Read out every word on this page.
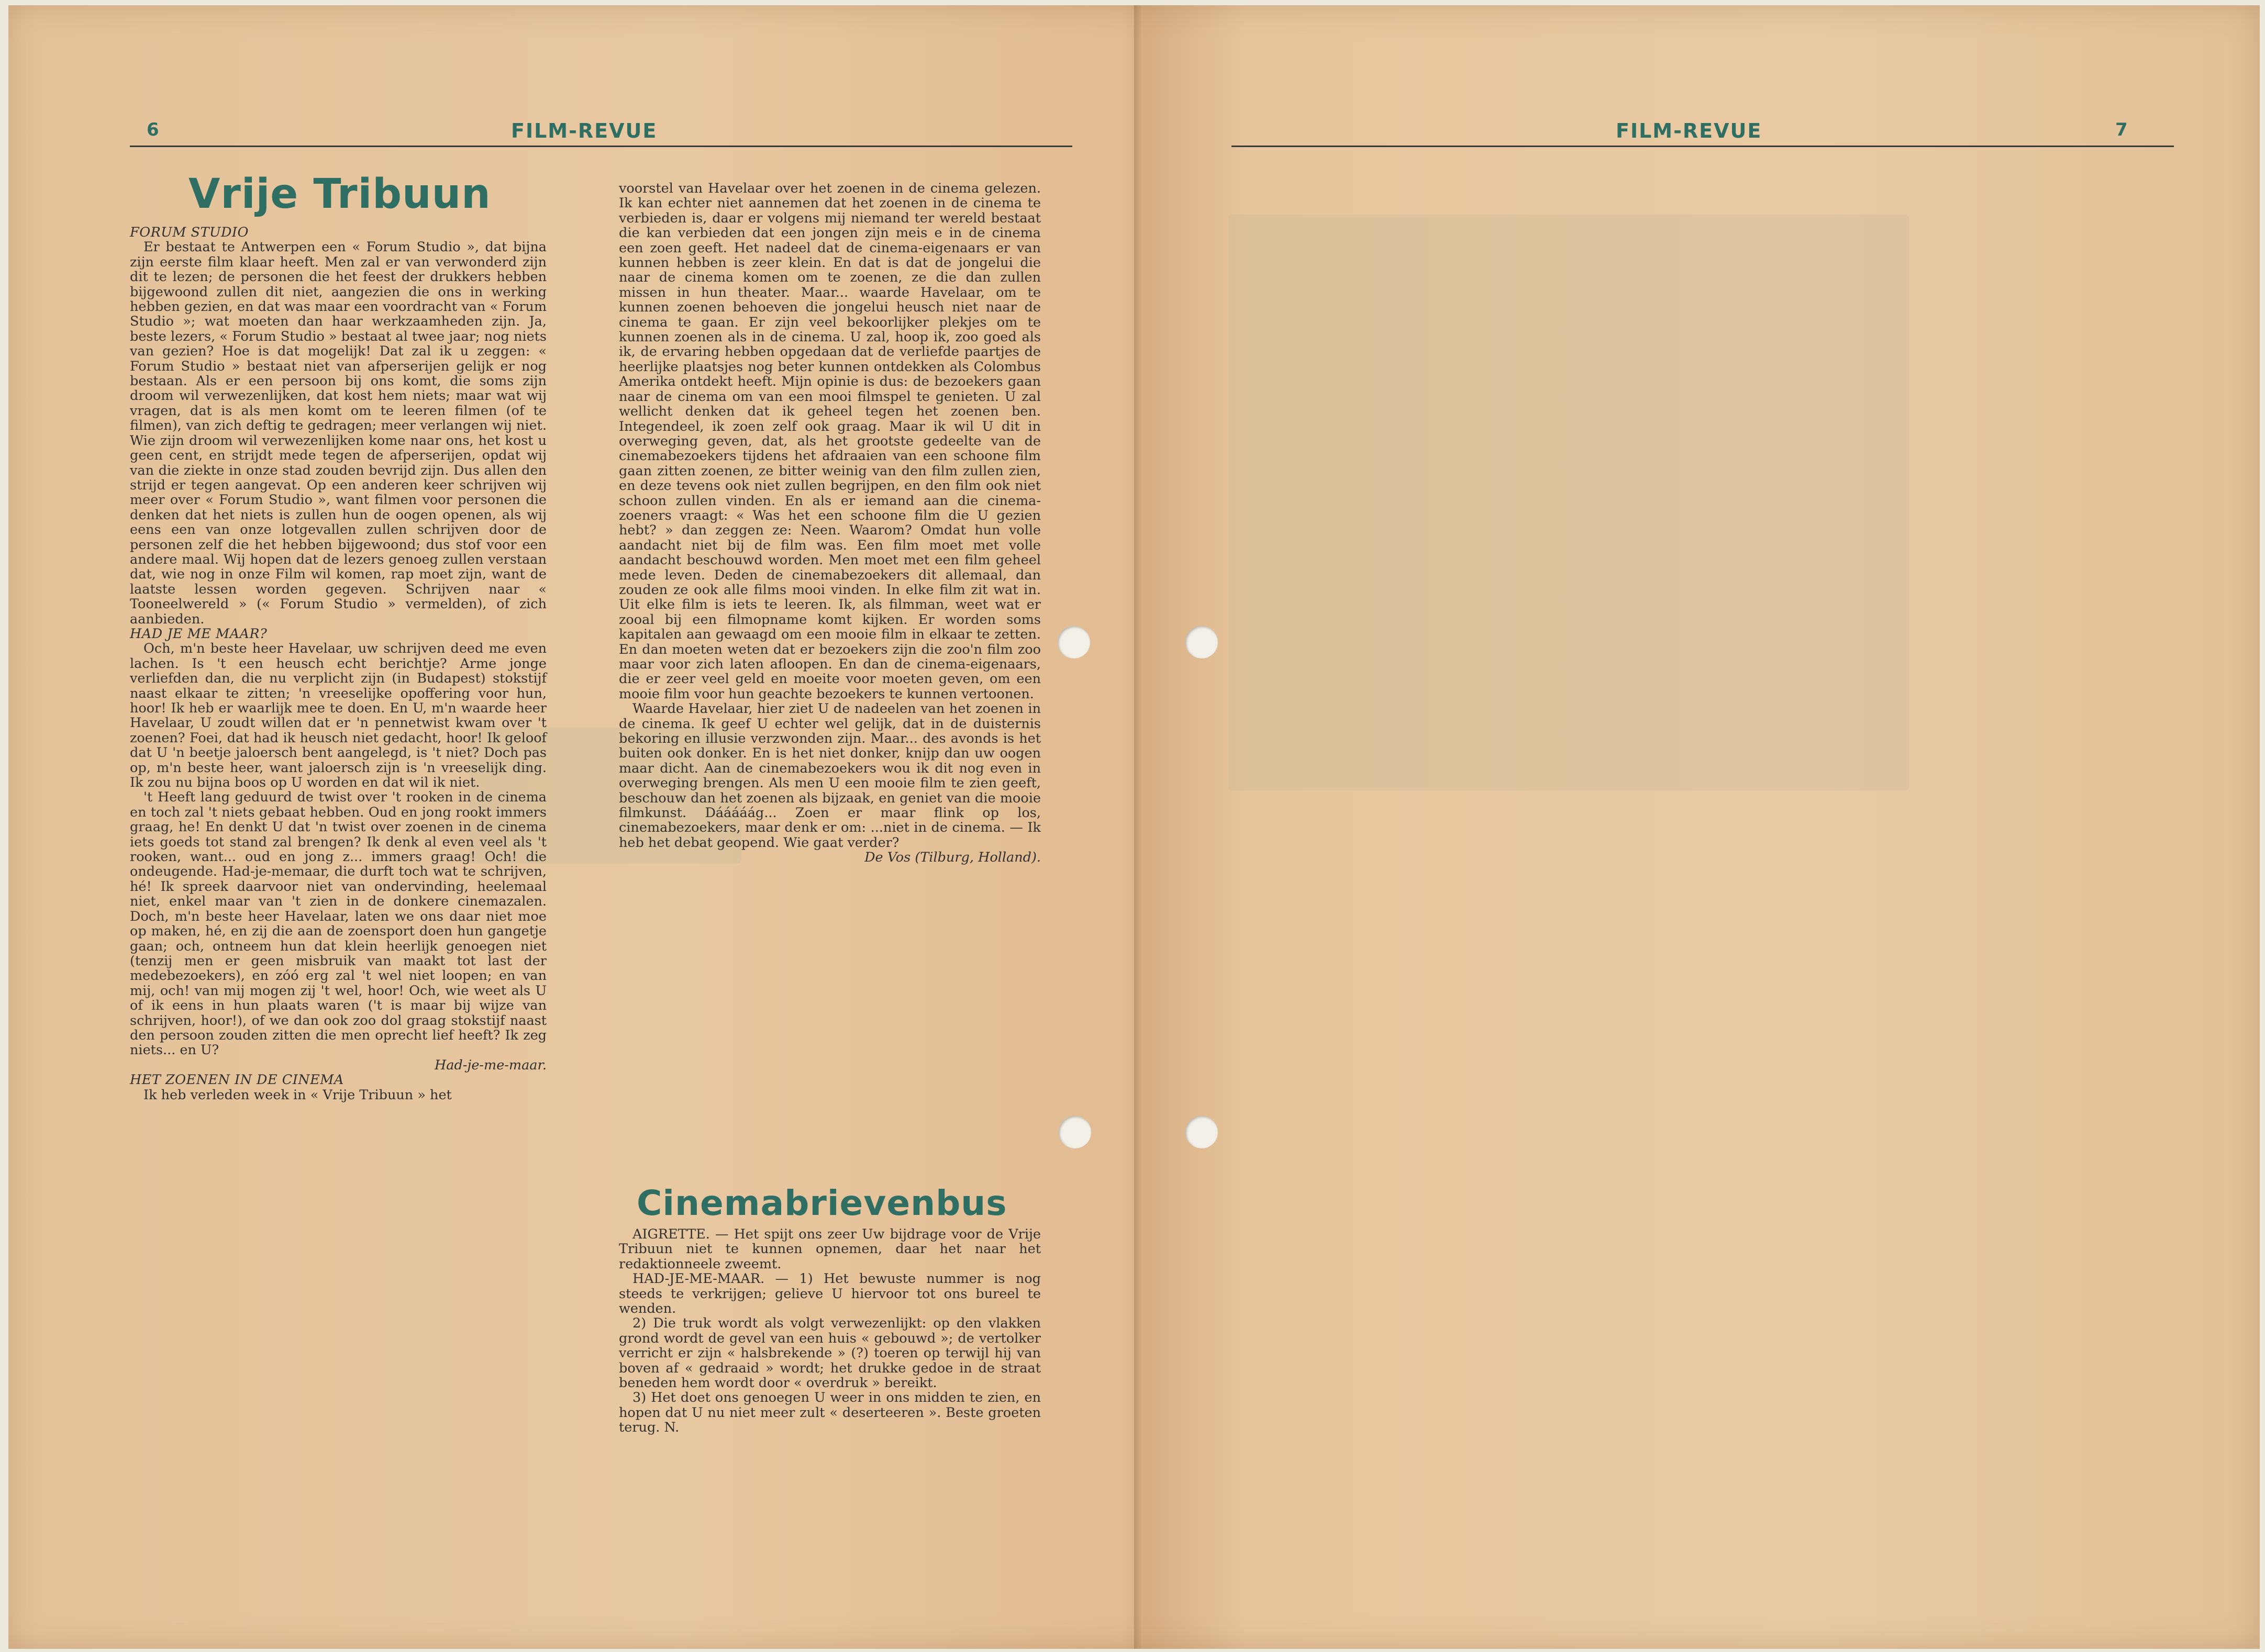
6	FILM-REVUE	FILM-REVUE	7
Vrije Tribuun

FORUM STUDIO

Er bestaat te Antwerpen een « Forum Studio », dat bijna zijn eerste film klaar heeft. Men zal er van verwonderd zijn dit te lezen; de personen die het feest der drukkers hebben bijgewoond zullen dit niet, aangezien die ons in werking hebben gezien, en dat was maar een voordracht van « Forum Studio »; wat moeten dan haar werkzaamheden zijn. Ja, beste lezers, « Forum Studio » bestaat al twee jaar; nog niets van gezien? Hoe is dat mogelijk! Dat zal ik u zeggen: « Forum Studio » bestaat niet van afperserijen gelijk er nog bestaan. Als er een persoon bij ons komt, die soms zijn droom wil verwezenlijken, dat kost hem niets; maar wat wij vragen, dat is als men komt om te leeren filmen (of te filmen), van zich deftig te gedragen; meer verlangen wij niet. Wie zijn droom wil verwezenlijken kome naar ons, het kost u geen cent, en strijdt mede tegen de afperserijen, opdat wij van die ziekte in onze stad zouden bevrijd zijn. Dus allen den strijd er tegen aangevat. Op een anderen keer schrijven wij meer over « Forum Studio », want filmen voor personen die denken dat het niets is zullen hun de oogen openen, als wij eens een van onze lotgevallen zullen schrijven door de personen zelf die het hebben bijgewoond; dus stof voor een andere maal. Wij hopen dat de lezers genoeg zullen verstaan dat, wie nog in onze Film wil komen, rap moet zijn, want de laatste lessen worden gegeven. Schrijven naar « Tooneelwereld » (« Forum Studio » vermelden), of zich aanbieden.

HAD JE ME MAAR?

Och, m'n beste heer Havelaar, uw schrijven deed me even lachen. Is 't een heusch echt berichtje? Arme jonge verliefden dan, die nu verplicht zijn (in Budapest) stokstijf naast elkaar te zitten; 'n vreeselijke opoffering voor hun, hoor! Ik heb er waarlijk mee te doen. En U, m'n waarde heer Havelaar, U zoudt willen dat er 'n pennetwist kwam over 't zoenen? Foei, dat had ik heusch niet gedacht, hoor! Ik geloof dat U 'n beetje jaloersch bent aangelegd, is 't niet? Doch pas op, m'n beste heer, want jaloersch zijn is 'n vreeselijk ding. Ik zou nu bijna boos op U worden en dat wil ik niet.

't Heeft lang geduurd de twist over 't rooken in de cinema en toch zal 't niets gebaat hebben. Oud en jong rookt immers graag, he! En denkt U dat 'n twist over zoenen in de cinema iets goeds tot stand zal brengen? Ik denk al even veel als 't rooken, want... oud en jong z... immers graag! Och! die ondeugende. Had-je-memaar, die durft toch wat te schrijven, hé! Ik spreek daarvoor niet van ondervinding, heelemaal niet, enkel maar van 't zien in de donkere cinemazalen. Doch, m'n beste heer Havelaar, laten we ons daar niet moe op maken, hé, en zij die aan de zoensport doen hun gangetje gaan; och, ontneem hun dat klein heerlijk genoegen niet (tenzij men er geen misbruik van maakt tot last der medebezoekers), en zóó erg zal 't wel niet loopen; en van mij, och! van mij mogen zij 't wel, hoor! Och, wie weet als U of ik eens in hun plaats waren ('t is maar bij wijze van schrijven, hoor!), of we dan ook zoo dol graag stokstijf naast den persoon zouden zitten die men oprecht lief heeft? Ik zeg niets... en U?

Had-je-me-maar.

HET ZOENEN IN DE CINEMA

Ik heb verleden week in « Vrije Tribuun » het

voorstel van Havelaar over het zoenen in de cinema gelezen. Ik kan echter niet aannemen dat het zoenen in de cinema te verbieden is, daar er volgens mij niemand ter wereld bestaat die kan verbieden dat een jongen zijn meis e in de cinema een zoen geeft. Het nadeel dat de cinema-eigenaars er van kunnen hebben is zeer klein. En dat is dat de jongelui die naar de cinema komen om te zoenen, ze die dan zullen missen in hun theater. Maar... waarde Havelaar, om te kunnen zoenen behoeven die jongelui heusch niet naar de cinema te gaan. Er zijn veel bekoorlijker plekjes om te kunnen zoenen als in de cinema. U zal, hoop ik, zoo goed als ik, de ervaring hebben opgedaan dat de verliefde paartjes de heerlijke plaatsjes nog beter kunnen ontdekken als Colombus Amerika ontdekt heeft. Mijn opinie is dus: de bezoekers gaan naar de cinema om van een mooi filmspel te genieten. U zal wellicht denken dat ik geheel tegen het zoenen ben. Integendeel, ik zoen zelf ook graag. Maar ik wil U dit in overweging geven, dat, als het grootste gedeelte van de cinemabezoekers tijdens het afdraaien van een schoone film gaan zitten zoenen, ze bitter weinig van den film zullen zien, en deze tevens ook niet zullen begrijpen, en den film ook niet schoon zullen vinden. En als er iemand aan die cinema-zoeners vraagt: « Was het een schoone film die U gezien hebt? » dan zeggen ze: Neen. Waarom? Omdat hun volle aandacht niet bij de film was. Een film moet met volle aandacht beschouwd worden. Men moet met een film geheel mede leven. Deden de cinemabezoekers dit allemaal, dan zouden ze ook alle films mooi vinden. In elke film zit wat in. Uit elke film is iets te leeren. Ik, als filmman, weet wat er zooal bij een filmopname komt kijken. Er worden soms kapitalen aan gewaagd om een mooie film in elkaar te zetten. En dan moeten weten dat er bezoekers zijn die zoo'n film zoo maar voor zich laten afloopen. En dan de cinema-eigenaars, die er zeer veel geld en moeite voor moeten geven, om een mooie film voor hun geachte bezoekers te kunnen vertoonen.

Waarde Havelaar, hier ziet U de nadeelen van het zoenen in de cinema. Ik geef U echter wel gelijk, dat in de duisternis bekoring en illusie verzwonden zijn. Maar... des avonds is het buiten ook donker. En is het niet donker, knijp dan uw oogen maar dicht. Aan de cinemabezoekers wou ik dit nog even in overweging brengen. Als men U een mooie film te zien geeft, beschouw dan het zoenen als bijzaak, en geniet van die mooie filmkunst. Dááááág... Zoen er maar flink op los, cinemabezoekers, maar denk er om: ...niet in de cinema. — Ik heb het debat geopend. Wie gaat verder?

De Vos (Tilburg, Holland).

Cinemabrievenbus

AIGRETTE. — Het spijt ons zeer Uw bijdrage voor de Vrije Tribuun niet te kunnen opnemen, daar het naar het redaktionneele zweemt.

HAD-JE-ME-MAAR. — 1) Het bewuste nummer is nog steeds te verkrijgen; gelieve U hiervoor tot ons bureel te wenden.

2) Die truk wordt als volgt verwezenlijkt: op den vlakken grond wordt de gevel van een huis « gebouwd »; de vertolker verricht er zijn « halsbrekende » (?) toeren op terwijl hij van boven af « gedraaid » wordt; het drukke gedoe in de straat beneden hem wordt door « overdruk » bereikt.

3) Het doet ons genoegen U weer in ons midden te zien, en hopen dat U nu niet meer zult « deserteeren ». Beste groeten terug. N.
